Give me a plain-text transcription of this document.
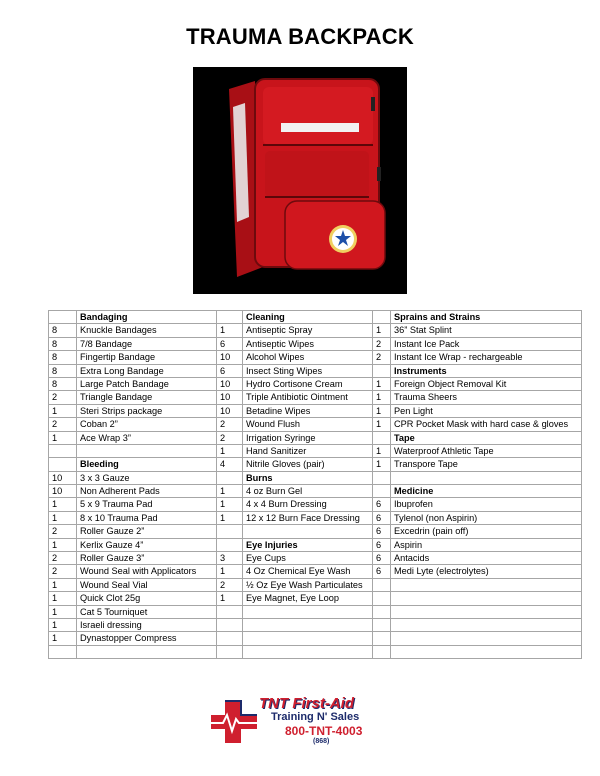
TRAUMA BACKPACK
	Bandaging		Cleaning		Sprains and Strains
8	Knuckle Bandages	1	Antiseptic Spray	1	36” Stat Splint
8	7/8 Bandage	6	Antiseptic Wipes	2	Instant Ice Pack
8	Fingertip Bandage	10	Alcohol Wipes	2	Instant Ice Wrap - rechargeable
8	Extra Long Bandage	6	Insect Sting Wipes		Instruments
8	Large Patch Bandage	10	Hydro Cortisone Cream	1	Foreign Object Removal Kit
2	Triangle Bandage	10	Triple Antibiotic Ointment	1	Trauma Sheers
1	Steri Strips package	10	Betadine Wipes	1	Pen Light
2	Coban 2”	2	Wound Flush	1	CPR Pocket Mask with hard case & gloves
1	Ace Wrap 3”	2	Irrigation Syringe		Tape
		1	Hand Sanitizer	1	Waterproof Athletic Tape
	Bleeding	4	Nitrile Gloves (pair)	1	Transpore Tape
10	3 x 3 Gauze		Burns		
10	Non Adherent Pads	1	4 oz Burn Gel		Medicine
1	5 x 9 Trauma Pad	1	4 x 4 Burn Dressing	6	Ibuprofen
1	8 x 10 Trauma Pad	1	12 x 12 Burn Face Dressing	6	Tylenol (non Aspirin)
2	Roller Gauze 2”			6	Excedrin (pain off)
1	Kerlix Gauze 4”		Eye Injuries	6	Aspirin
2	Roller Gauze 3”	3	Eye Cups	6	Antacids
2	Wound Seal with Applicators	1	4 Oz Chemical Eye Wash	6	Medi Lyte (electrolytes)
1	Wound Seal Vial	2	½ Oz Eye Wash Particulates		
1	Quick Clot 25g	1	Eye Magnet, Eye Loop		
1	Cat 5 Tourniquet				
1	Israeli dressing				
1	Dynastopper Compress				

TNT First-Aid
Training N' Sales
800-TNT-4003
(868)
